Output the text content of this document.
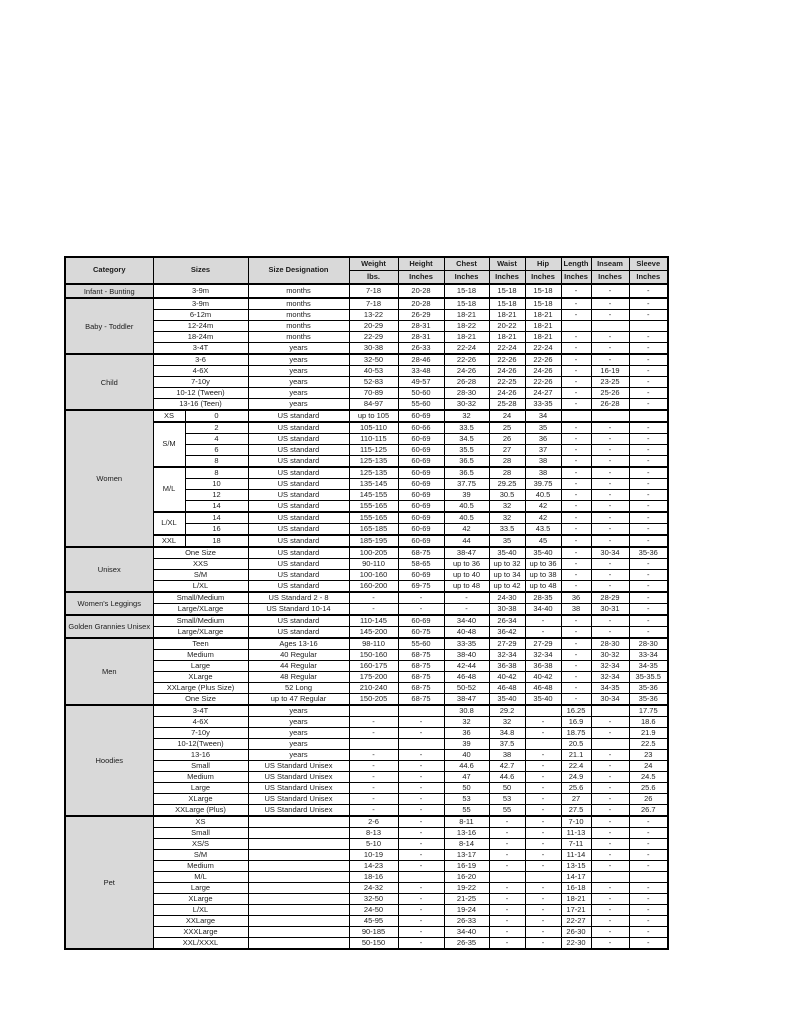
Category	Sizes		Size Designation	Weight	Height	Chest	Waist	Hip	Length	Inseam	Sleeve
				lbs.	Inches	Inches	Inches	Inches	Inches	Inches	Inches
Infant - Bunting	3-9m		months	7-18	20-28	15-18	15-18	15-18	-	-	-
Baby - Toddler	3-9m		months	7-18	20-28	15-18	15-18	15-18	-	-	-
	6-12m		months	13-22	26-29	18-21	18-21	18-21	-	-	-
	12-24m		months	20-29	28-31	18-22	20-22	18-21			
	18-24m		months	22-29	28-31	18-21	18-21	18-21	-	-	-
	3-4T		years	30-38	26-33	22-24	22-24	22-24	-	-	-
Child	3-6		years	32-50	28-46	22-26	22-26	22-26	-	-	-
	4-6X		years	40-53	33-48	24-26	24-26	24-26	-	16-19	-
	7-10y		years	52-83	49-57	26-28	22-25	22-26	-	23-25	-
	10-12 (Tween)		years	70-89	50-60	28-30	24-26	24-27	-	25-26	-
	13-16 (Teen)		years	84-97	55-60	30-32	25-28	33-35	-	26-28	-
Women	XS	0	US standard	up to 105	60-69	32	24	34			
	S/M	2	US standard	105-110	60-66	33.5	25	35	-	-	-
		4	US standard	110-115	60-69	34.5	26	36	-	-	-
		6	US standard	115-125	60-69	35.5	27	37	-	-	-
		8	US standard	125-135	60-69	36.5	28	38	-	-	-
	M/L	8	US standard	125-135	60-69	36.5	28	38	-	-	-
		10	US standard	135-145	60-69	37.75	29.25	39.75	-	-	-
		12	US standard	145-155	60-69	39	30.5	40.5	-	-	-
		14	US standard	155-165	60-69	40.5	32	42	-	-	-
	L/XL	14	US standard	155-165	60-69	40.5	32	42	-	-	-
		16	US standard	165-185	60-69	42	33.5	43.5	-	-	-
	XXL	18	US standard	185-195	60-69	44	35	45	-	-	-
Unisex	One Size		US standard	100-205	68-75	38-47	35-40	35-40	-	30-34	35-36
	XXS		US standard	90-110	58-65	up to 36	up to 32	up to 36	-	-	-
	S/M		US standard	100-160	60-69	up to 40	up to 34	up to 38	-	-	-
	L/XL		US standard	160-200	69-75	up to 48	up to 42	up to 48	-	-	-
Women's Leggings	Small/Medium		US Standard 2 - 8	-	-	-	24-30	28-35	36	28-29	-
	Large/XLarge		US Standard 10-14	-	-	-	30-38	34-40	38	30-31	-
Golden Grannies Unisex	Small/Medium		US standard	110-145	60-69	34-40	26-34	-	-	-	-
	Large/XLarge		US standard	145-200	60-75	40-48	36-42	-	-	-	-
Men	Teen		Ages 13-16	98-110	55-60	33-35	27-29	27-29	-	28-30	28-30
	Medium		40 Regular	150-160	68-75	38-40	32-34	32-34	-	30-32	33-34
	Large		44 Regular	160-175	68-75	42-44	36-38	36-38	-	32-34	34-35
	XLarge		48 Regular	175-200	68-75	46-48	40-42	40-42	-	32-34	35-35.5
	XXLarge (Plus Size)		52 Long	210-240	68-75	50-52	46-48	46-48	-	34-35	35-36
	One Size		up to 47 Regular	150-205	68-75	38-47	35-40	35-40	-	30-34	35-36
Hoodies	3-4T		years			30.8	29.2		16.25		17.75
	4-6X		years	-	-	32	32	-	16.9	-	18.6
	7-10y		years	-	-	36	34.8	-	18.75	-	21.9
	10-12(Tween)		years			39	37.5		20.5		22.5
	13-16		years	-	-	40	38	-	21.1	-	23
	Small		US Standard Unisex	-	-	44.6	42.7	-	22.4	-	24
	Medium		US Standard Unisex	-	-	47	44.6	-	24.9	-	24.5
	Large		US Standard Unisex	-	-	50	50	-	25.6	-	25.6
	XLarge		US Standard Unisex	-	-	53	53	-	27	-	26
	XXLarge (Plus)		US Standard Unisex	-	-	55	55	-	27.5	-	26.7
Pet	XS			2-6	-	8-11	-	-	7-10	-	-
	Small			8-13	-	13-16	-	-	11-13	-	-
	XS/S			5-10	-	8-14	-	-	7-11	-	-
	S/M			10-19	-	13-17	-	-	11-14	-	-
	Medium			14-23	-	16-19	-	-	13-15	-	-
	M/L			18-16		16-20			14-17		
	Large			24-32	-	19-22	-	-	16-18	-	-
	XLarge			32-50	-	21-25	-	-	18-21	-	-
	L/XL			24-50	-	19-24	-	-	17-21	-	-
	XXLarge			45-95	-	26-33	-	-	22-27	-	-
	XXXLarge			90-185	-	34-40	-	-	26-30	-	-
	XXL/XXXL			50-150	-	26-35	-	-	22-30	-	-
